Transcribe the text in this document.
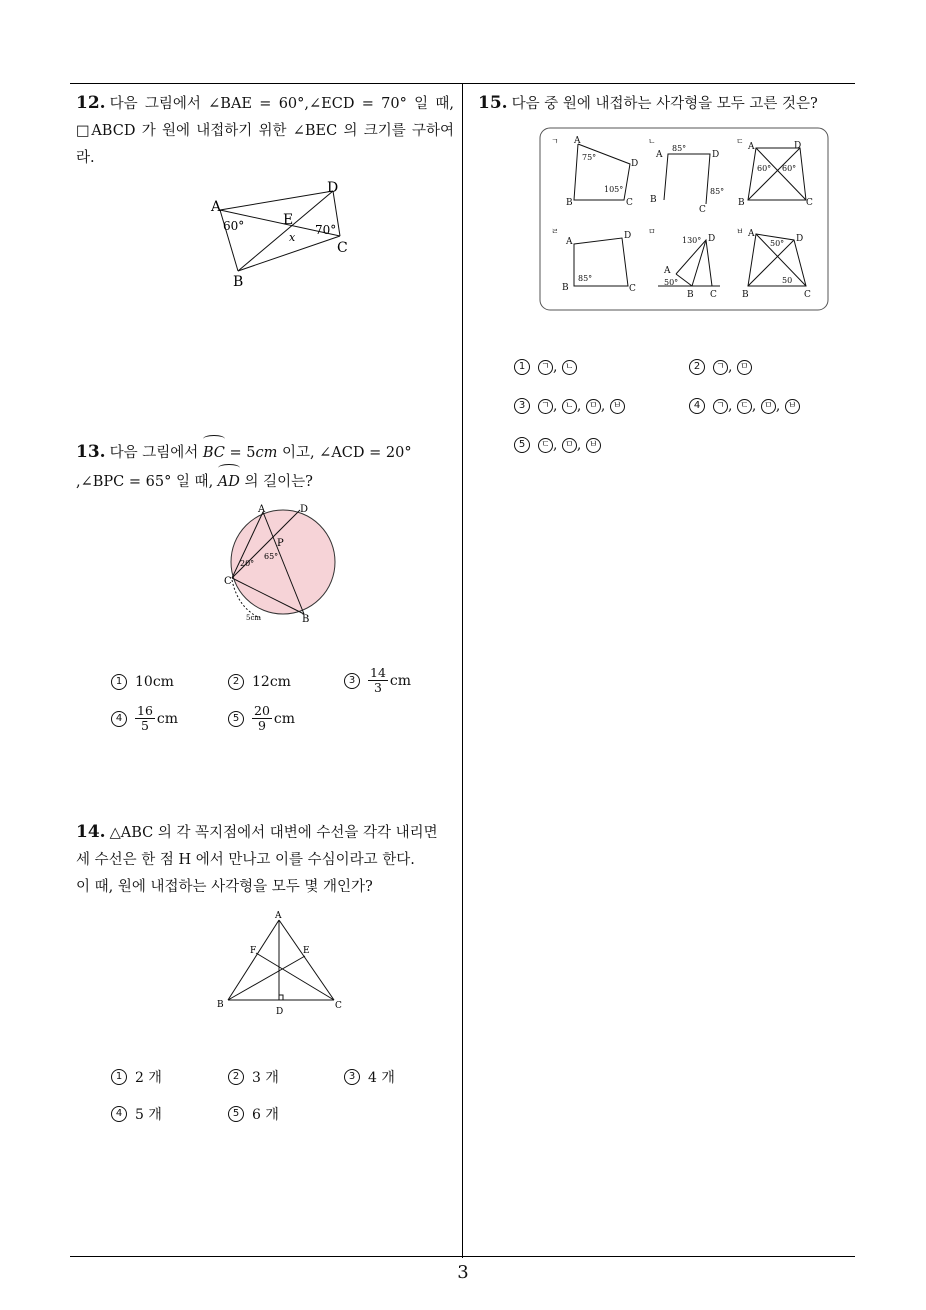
12. 다음 그림에서 ∠BAE = 60°,∠ECD = 70° 일 때, □ABCD 가 원에 내접하기 위한 ∠BEC 의 크기를 구하여라.
A
D
C
B
E
x
60°	70°
13. 다음 그림에서 BC = 5cm 이고, ∠ACD = 20°
,∠BPC = 65° 일 때, AD 의 길이는?
A	D
P
C
B
20°
65°
5cm
1 10cm	2 12cm	3	$\frac{14}{3}$ cm
4	$\frac{16}{5}$ cm	5	$\frac{20}{9}$ cm
14. △ABC 의 각 꼭지점에서 대변에 수선을 각각 내리면
세 수선은 한 점 H 에서 만나고 이를 수심이라고 한다.
이 때, 원에 내접하는 사각형을 모두 몇 개인가?
A
F	E
B	C
D
1 2 개	2 3 개	3 4 개
4 5 개	5 6 개
15. 다음 중 원에 내접하는 사각형을 모두 고른 것은?
ㄱ A
D
C
B
75°
105°
ㄴ
A	D
B
C
85°
85°
ㄷ
A	D
B	C
60° 60°
ㄹ
A
D
B	C
85°
ㅁ
D
A
B C
130°
50°
ㅂ A	D
B	C
50°
50
1	ㄱ , ㄴ	2	ㄱ , ㅁ
3	ㄱ , ㄴ , ㅁ , ㅂ	4	ㄱ , ㄷ , ㅁ , ㅂ
5	ㄷ , ㅁ , ㅂ
3
